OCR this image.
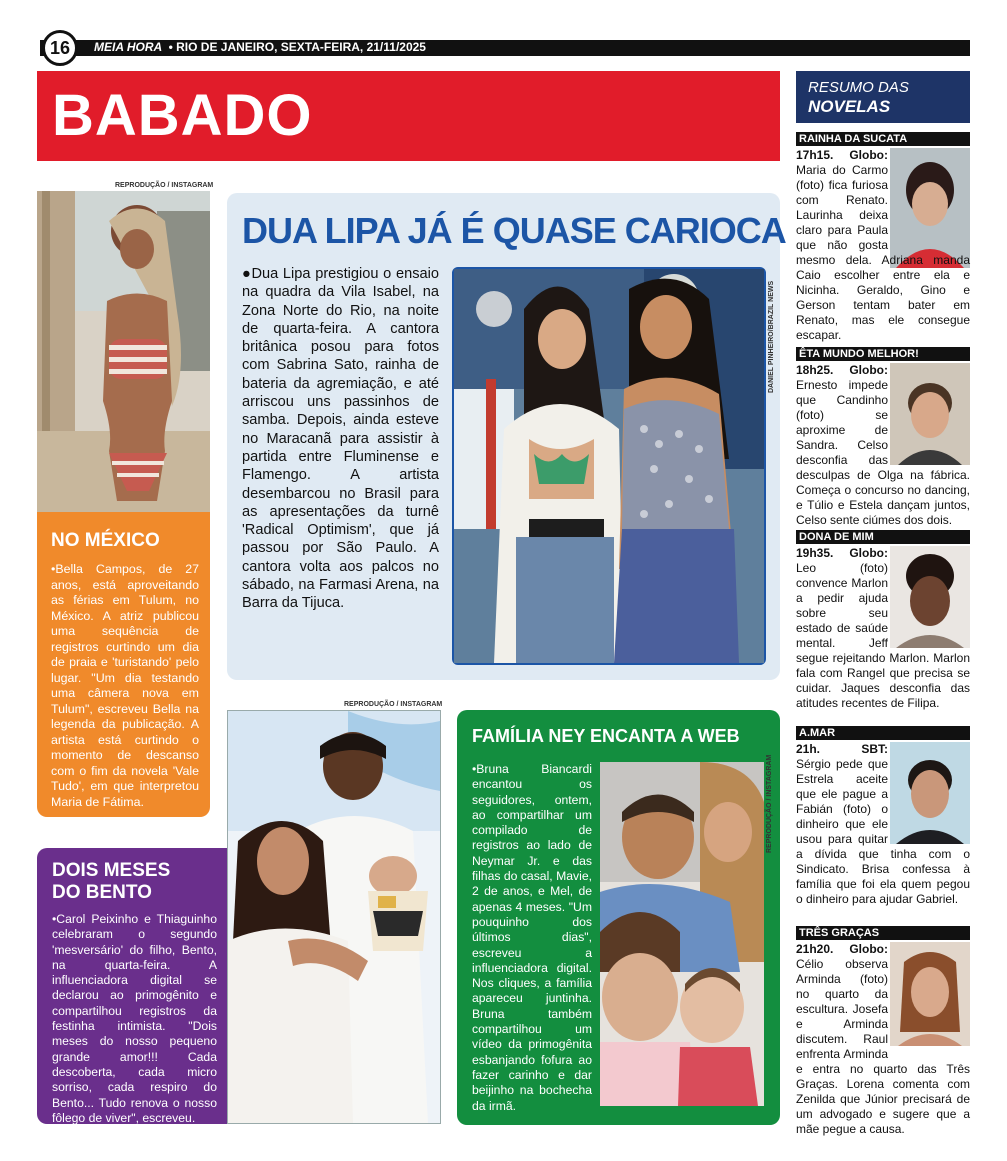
16	MEIA HORA • RIO DE JANEIRO, SEXTA-FEIRA, 21/11/2025
BABADO
REPRODUÇÃO / INSTAGRAM
NO MÉXICO
•Bella Campos, de 27 anos, está aproveitando as férias em Tulum, no México. A atriz publicou uma sequência de registros curtindo um dia de praia e 'turistando' pelo lugar. "Um dia testando uma câmera nova em Tulum", escreveu Bella na legenda da publicação. A artista está curtindo o momento de descanso com o fim da novela 'Vale Tudo', em que interpretou Maria de Fátima.
DUA LIPA JÁ É QUASE CARIOCA
●Dua Lipa prestigiou o ensaio na quadra da Vila Isabel, na Zona Norte do Rio, na noite de quarta-feira. A cantora britânica posou para fotos com Sabrina Sato, rainha de bateria da agremiação, e até arriscou uns passinhos de samba. Depois, ainda esteve no Maracanã para assistir à partida entre Fluminense e Flamengo. A artista desembarcou no Brasil para as apresentações da turnê 'Radical Optimism', que já passou por São Paulo. A cantora volta aos palcos no sábado, na Farmasi Arena, na Barra da Tijuca.
DANIEL PINHEIRO/BRAZIL NEWS
REPRODUÇÃO / INSTAGRAM
DOIS MESES
DO BENTO
•Carol Peixinho e Thiaguinho celebraram o segundo 'mesversário' do filho, Bento, na quarta-feira. A influenciadora digital se declarou ao primogênito e compartilhou registros da festinha intimista. "Dois meses do nosso pequeno grande amor!!! Cada descoberta, cada micro sorriso, cada respiro do Bento... Tudo renova o nosso fôlego de viver", escreveu.
FAMÍLIA NEY ENCANTA A WEB
•Bruna Biancardi encantou os seguidores, ontem, ao compartilhar um compilado de registros ao lado de Neymar Jr. e das filhas do casal, Mavie, 2 de anos, e Mel, de apenas 4 meses. "Um pouquinho dos últimos dias", escreveu a influenciadora digital. Nos cliques, a família apareceu juntinha. Bruna também compartilhou um vídeo da primogênita esbanjando fofura ao fazer carinho e dar beijinho na bochecha da irmã.
REPRODUÇÃO / INSTAGRAM
RESUMO DAS
NOVELAS
RAINHA DA SUCATA
17h15. Globo: Maria do Carmo (foto) fica furiosa com Renato. Laurinha deixa claro para Paula que não gosta mesmo dela. Adriana manda Caio escolher entre ela e Nicinha. Geraldo, Gino e Gerson tentam bater em Renato, mas ele consegue escapar.
ÊTA MUNDO MELHOR!
18h25. Globo: Ernesto impede que Candinho (foto) se aproxime de Sandra. Celso desconfia das desculpas de Olga na fábrica. Começa o concurso no dancing, e Túlio e Estela dançam juntos, Celso sente ciúmes dos dois.
DONA DE MIM
19h35. Globo: Leo (foto) convence Marlon a pedir ajuda sobre seu estado de saúde mental. Jeff segue rejeitando Marlon. Marlon fala com Rangel que precisa se cuidar. Jaques desconfia das atitudes recentes de Filipa.
A.MAR
21h. SBT: Sérgio pede que Estrela aceite que ele pague a Fabián (foto) o dinheiro que ele usou para quitar a dívida que tinha com o Sindicato. Brisa confessa à família que foi ela quem pegou o dinheiro para ajudar Gabriel.
TRÊS GRAÇAS
21h20. Globo: Célio observa Arminda (foto) no quarto da escultura. Josefa e Arminda discutem. Raul enfrenta Arminda e entra no quarto das Três Graças. Lorena comenta com Zenilda que Júnior precisará de um advogado e sugere que a mãe pegue a causa.
